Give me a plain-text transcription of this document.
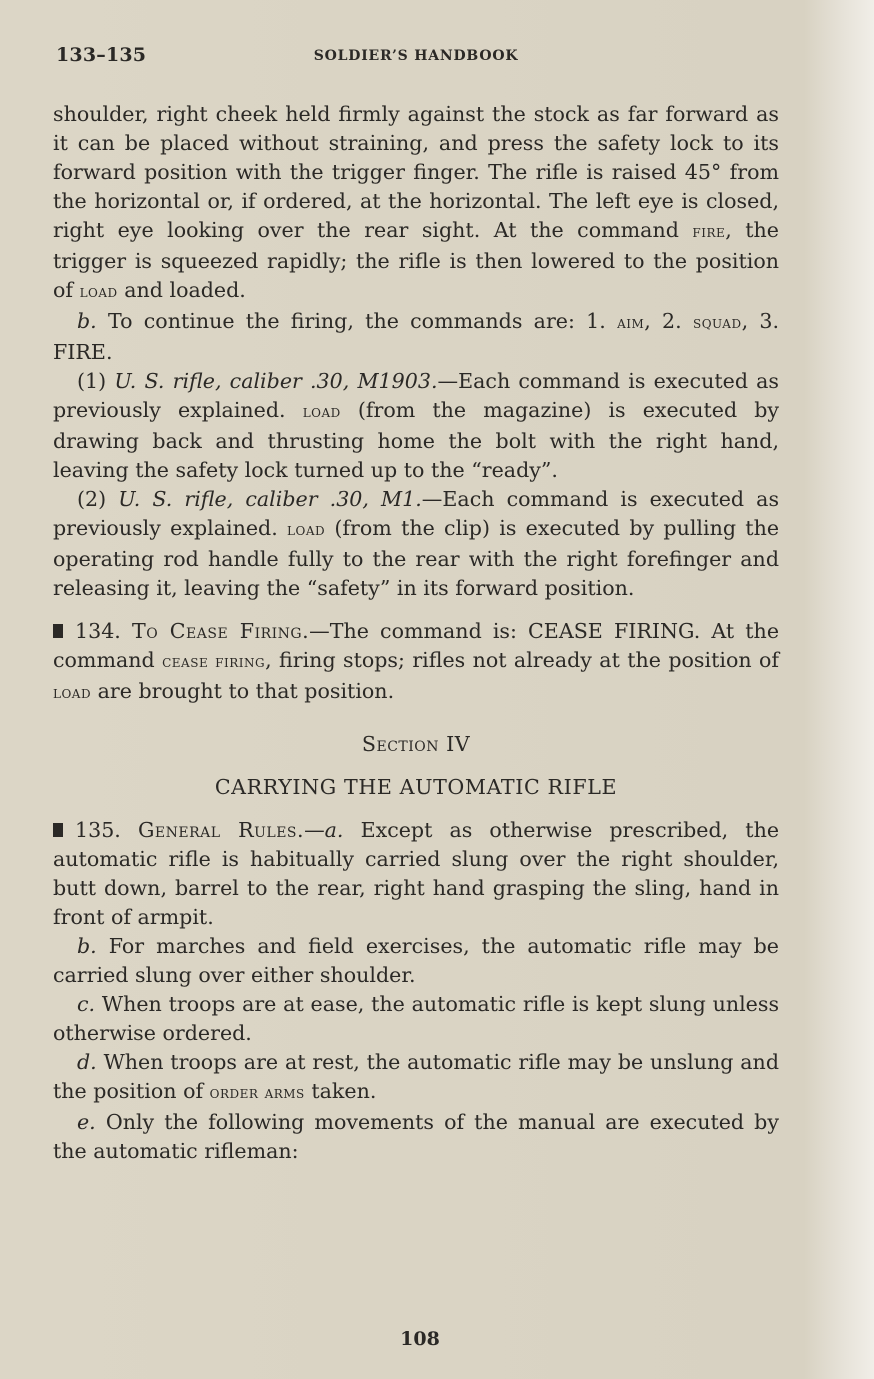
133–135	SOLDIER’S HANDBOOK

shoulder, right cheek held firmly against the stock as far forward as it can be placed without straining, and press the safety lock to its forward position with the trigger finger. The rifle is raised 45° from the horizontal or, if ordered, at the horizontal. The left eye is closed, right eye looking over the rear sight. At the command fire, the trigger is squeezed rapidly; the rifle is then lowered to the position of load and loaded.

b. To continue the firing, the commands are: 1. aim, 2. squad, 3. FIRE.

(1) U. S. rifle, caliber .30, M1903.—Each command is executed as previously explained. load (from the magazine) is executed by drawing back and thrusting home the bolt with the right hand, leaving the safety lock turned up to the “ready”.

(2) U. S. rifle, caliber .30, M1.—Each command is executed as previously explained. load (from the clip) is executed by pulling the operating rod handle fully to the rear with the right forefinger and releasing it, leaving the “safety” in its forward position.

134. To Cease Firing.—The command is: CEASE FIRING. At the command cease firing, firing stops; rifles not already at the position of load are brought to that position.

Section IV

CARRYING THE AUTOMATIC RIFLE

135. General Rules.—a. Except as otherwise prescribed, the automatic rifle is habitually carried slung over the right shoulder, butt down, barrel to the rear, right hand grasping the sling, hand in front of armpit.

b. For marches and field exercises, the automatic rifle may be carried slung over either shoulder.

c. When troops are at ease, the automatic rifle is kept slung unless otherwise ordered.

d. When troops are at rest, the automatic rifle may be unslung and the position of order arms taken.

e. Only the following movements of the manual are executed by the automatic rifleman:

108
